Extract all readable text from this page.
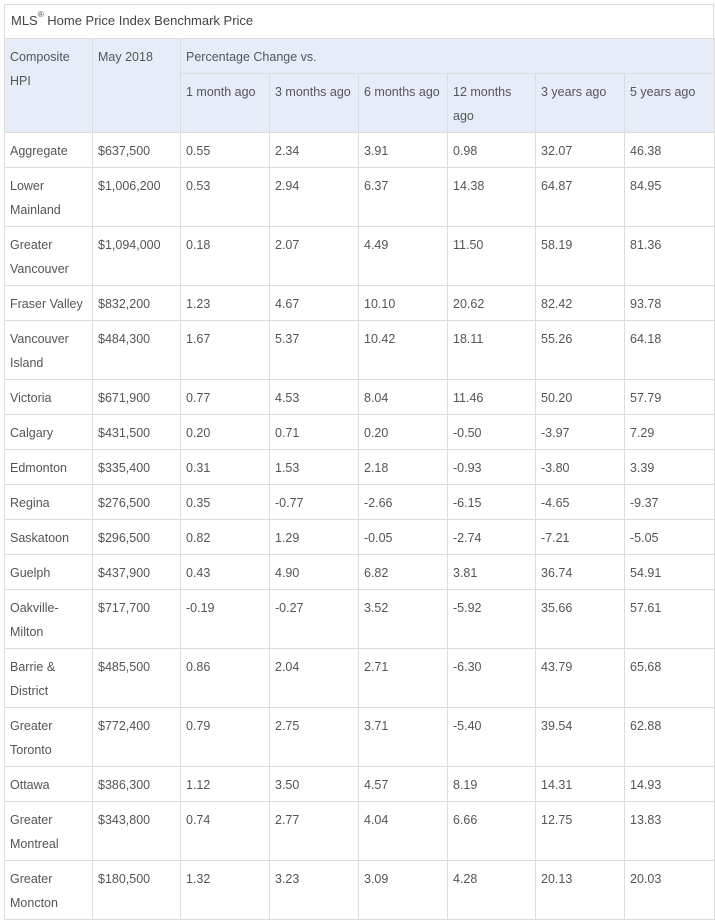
MLS® Home Price Index Benchmark Price
Composite HPI	May 2018	Percentage Change vs.					
		1 month ago	3 months ago	6 months ago	12 months ago	3 years ago	5 years ago
Aggregate	$637,500	0.55	2.34	3.91	0.98	32.07	46.38
Lower Mainland	$1,006,200	0.53	2.94	6.37	14.38	64.87	84.95
Greater Vancouver	$1,094,000	0.18	2.07	4.49	11.50	58.19	81.36
Fraser Valley	$832,200	1.23	4.67	10.10	20.62	82.42	93.78
Vancouver Island	$484,300	1.67	5.37	10.42	18.11	55.26	64.18
Victoria	$671,900	0.77	4.53	8.04	11.46	50.20	57.79
Calgary	$431,500	0.20	0.71	0.20	-0.50	-3.97	7.29
Edmonton	$335,400	0.31	1.53	2.18	-0.93	-3.80	3.39
Regina	$276,500	0.35	-0.77	-2.66	-6.15	-4.65	-9.37
Saskatoon	$296,500	0.82	1.29	-0.05	-2.74	-7.21	-5.05
Guelph	$437,900	0.43	4.90	6.82	3.81	36.74	54.91
Oakville-Milton	$717,700	-0.19	-0.27	3.52	-5.92	35.66	57.61
Barrie & District	$485,500	0.86	2.04	2.71	-6.30	43.79	65.68
Greater Toronto	$772,400	0.79	2.75	3.71	-5.40	39.54	62.88
Ottawa	$386,300	1.12	3.50	4.57	8.19	14.31	14.93
Greater Montreal	$343,800	0.74	2.77	4.04	6.66	12.75	13.83
Greater Moncton	$180,500	1.32	3.23	3.09	4.28	20.13	20.03
